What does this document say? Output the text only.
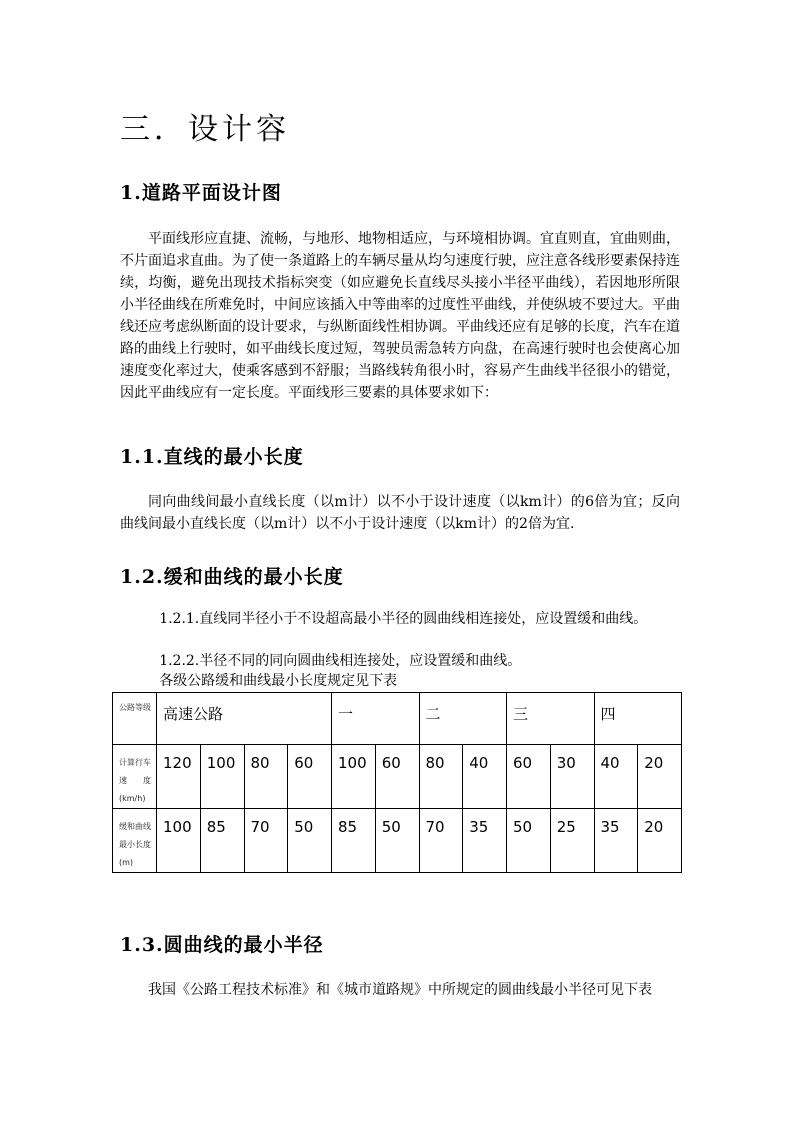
三．设计容
1.道路平面设计图

平面线形应直捷、流畅，与地形、地物相适应，与环境相协调。宜直则直，宜曲则曲，不片面追求直曲。为了使一条道路上的车辆尽量从均匀速度行驶，应注意各线形要素保持连续，均衡，避免出现技术指标突变（如应避免长直线尽头接小半径平曲线），若因地形所限小半径曲线在所难免时，中间应该插入中等曲率的过度性平曲线，并使纵坡不要过大。平曲线还应考虑纵断面的设计要求，与纵断面线性相协调。平曲线还应有足够的长度，汽车在道路的曲线上行驶时，如平曲线长度过短，驾驶员需急转方向盘，在高速行驶时也会使离心加速度变化率过大，使乘客感到不舒服；当路线转角很小时，容易产生曲线半径很小的错觉，因此平曲线应有一定长度。平面线形三要素的具体要求如下：

1.1.直线的最小长度

同向曲线间最小直线长度（以m计）以不小于设计速度（以km计）的6倍为宜；反向曲线间最小直线长度（以m计）以不小于设计速度（以km计）的2倍为宜.

1.2.缓和曲线的最小长度

1.2.1.直线同半径小于不设超高最小半径的圆曲线相连接处，应设置缓和曲线。

1.2.2.半径不同的同向圆曲线相连接处，应设置缓和曲线。

各级公路缓和曲线最小长度规定见下表

公路等级	高速公路				一		二		三		四	

计算行车
速　　度
(km/h)	120	100	80	60	100	60	80	40	60	30	40	20

缓和曲线
最小长度
(m)	100	85	70	50	85	50	70	35	50	25	35	20
1.3.圆曲线的最小半径

我国《公路工程技术标准》和《城市道路规》中所规定的圆曲线最小半径可见下表
